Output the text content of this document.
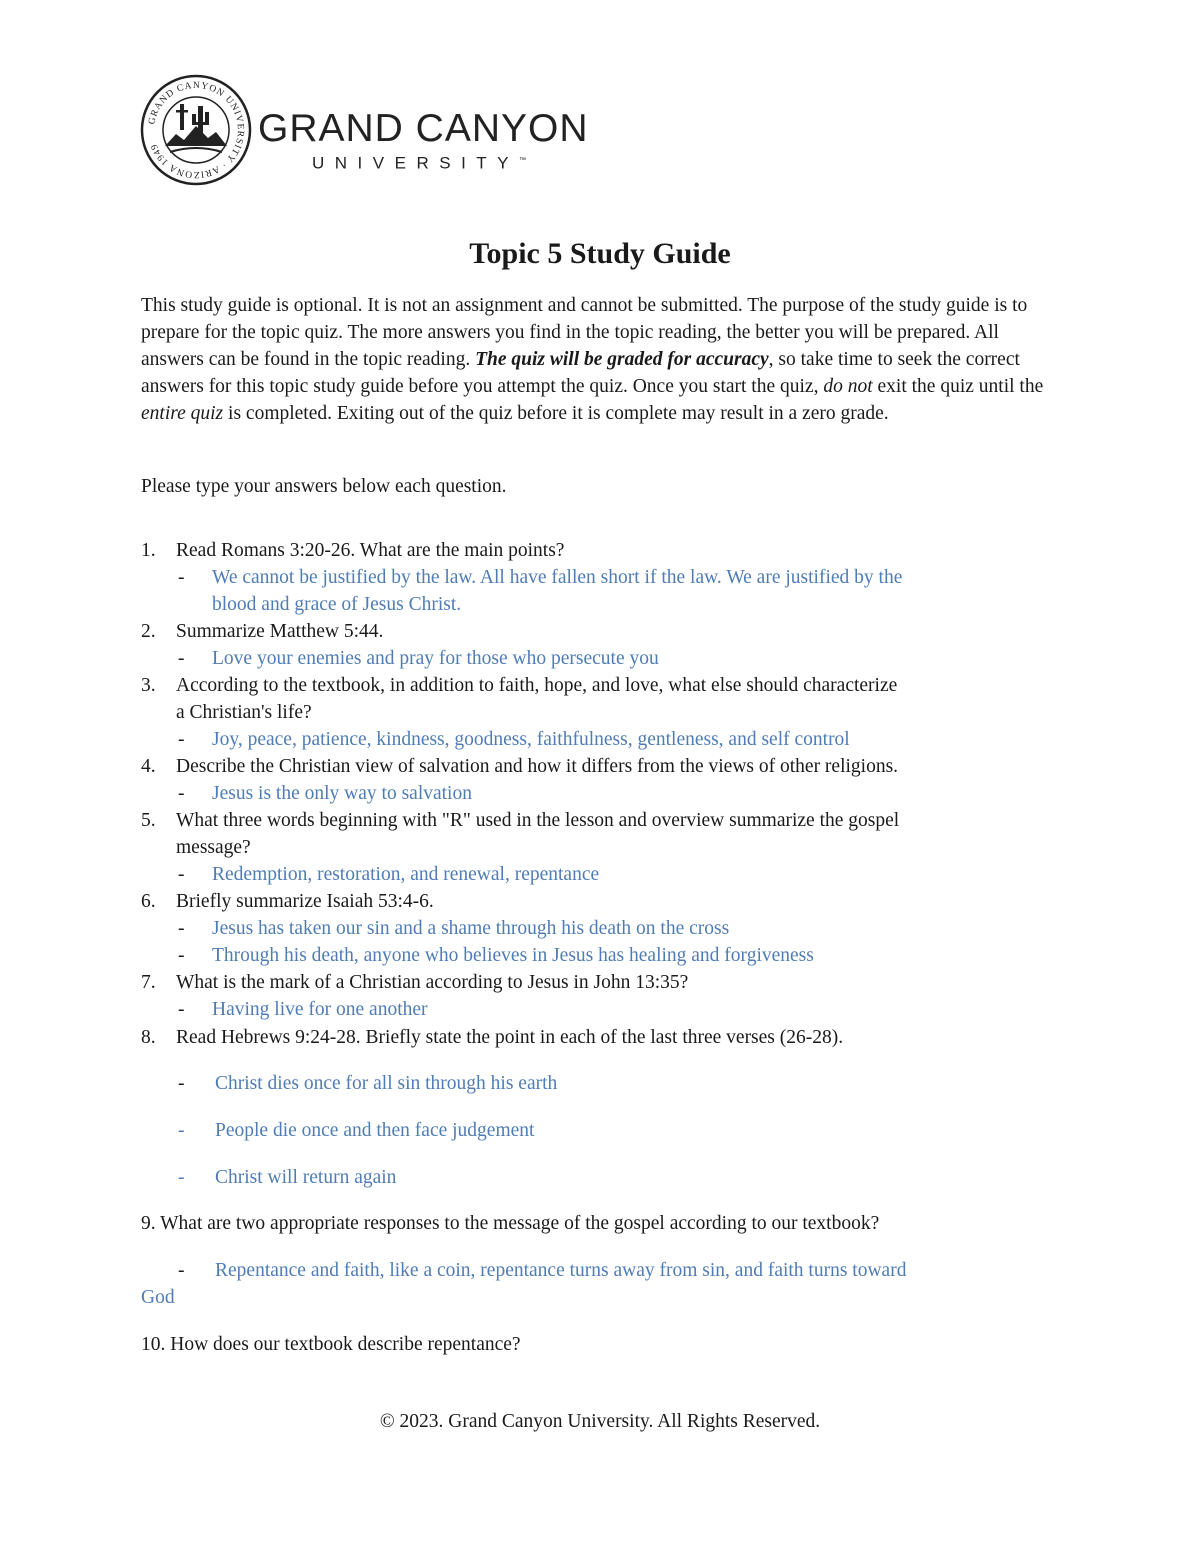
GRAND CANYON UNIVERSITY · ARIZONA 1949	GRAND CANYON
UNIVERSITY™
Topic 5 Study Guide
This study guide is optional. It is not an assignment and cannot be submitted. The purpose of the study guide is to prepare for the topic quiz. The more answers you find in the topic reading, the better you will be prepared. All answers can be found in the topic reading. The quiz will be graded for accuracy, so take time to seek the correct answers for this topic study guide before you attempt the quiz. Once you start the quiz, do not exit the quiz until the entire quiz is completed. Exiting out of the quiz before it is complete may result in a zero grade.
Please type your answers below each question.
1. Read Romans 3:20-26. What are the main points?
- We cannot be justified by the law. All have fallen short if the law. We are justified by the
blood and grace of Jesus Christ.
2. Summarize Matthew 5:44.
- Love your enemies and pray for those who persecute you
3. According to the textbook, in addition to faith, hope, and love, what else should characterize
a Christian's life?
- Joy, peace, patience, kindness, goodness, faithfulness, gentleness, and self control
4. Describe the Christian view of salvation and how it differs from the views of other religions.
- Jesus is the only way to salvation
5. What three words beginning with "R" used in the lesson and overview summarize the gospel
message?
- Redemption, restoration, and renewal, repentance
6. Briefly summarize Isaiah 53:4-6.
- Jesus has taken our sin and a shame through his death on the cross
- Through his death, anyone who believes in Jesus has healing and forgiveness
7. What is the mark of a Christian according to Jesus in John 13:35?
- Having live for one another
8. Read Hebrews 9:24-28. Briefly state the point in each of the last three verses (26-28).
- Christ dies once for all sin through his earth
- People die once and then face judgement
- Christ will return again
9. What are two appropriate responses to the message of the gospel according to our textbook?
- Repentance and faith, like a coin, repentance turns away from sin, and faith turns toward
God
10. How does our textbook describe repentance?
© 2023. Grand Canyon University. All Rights Reserved.
